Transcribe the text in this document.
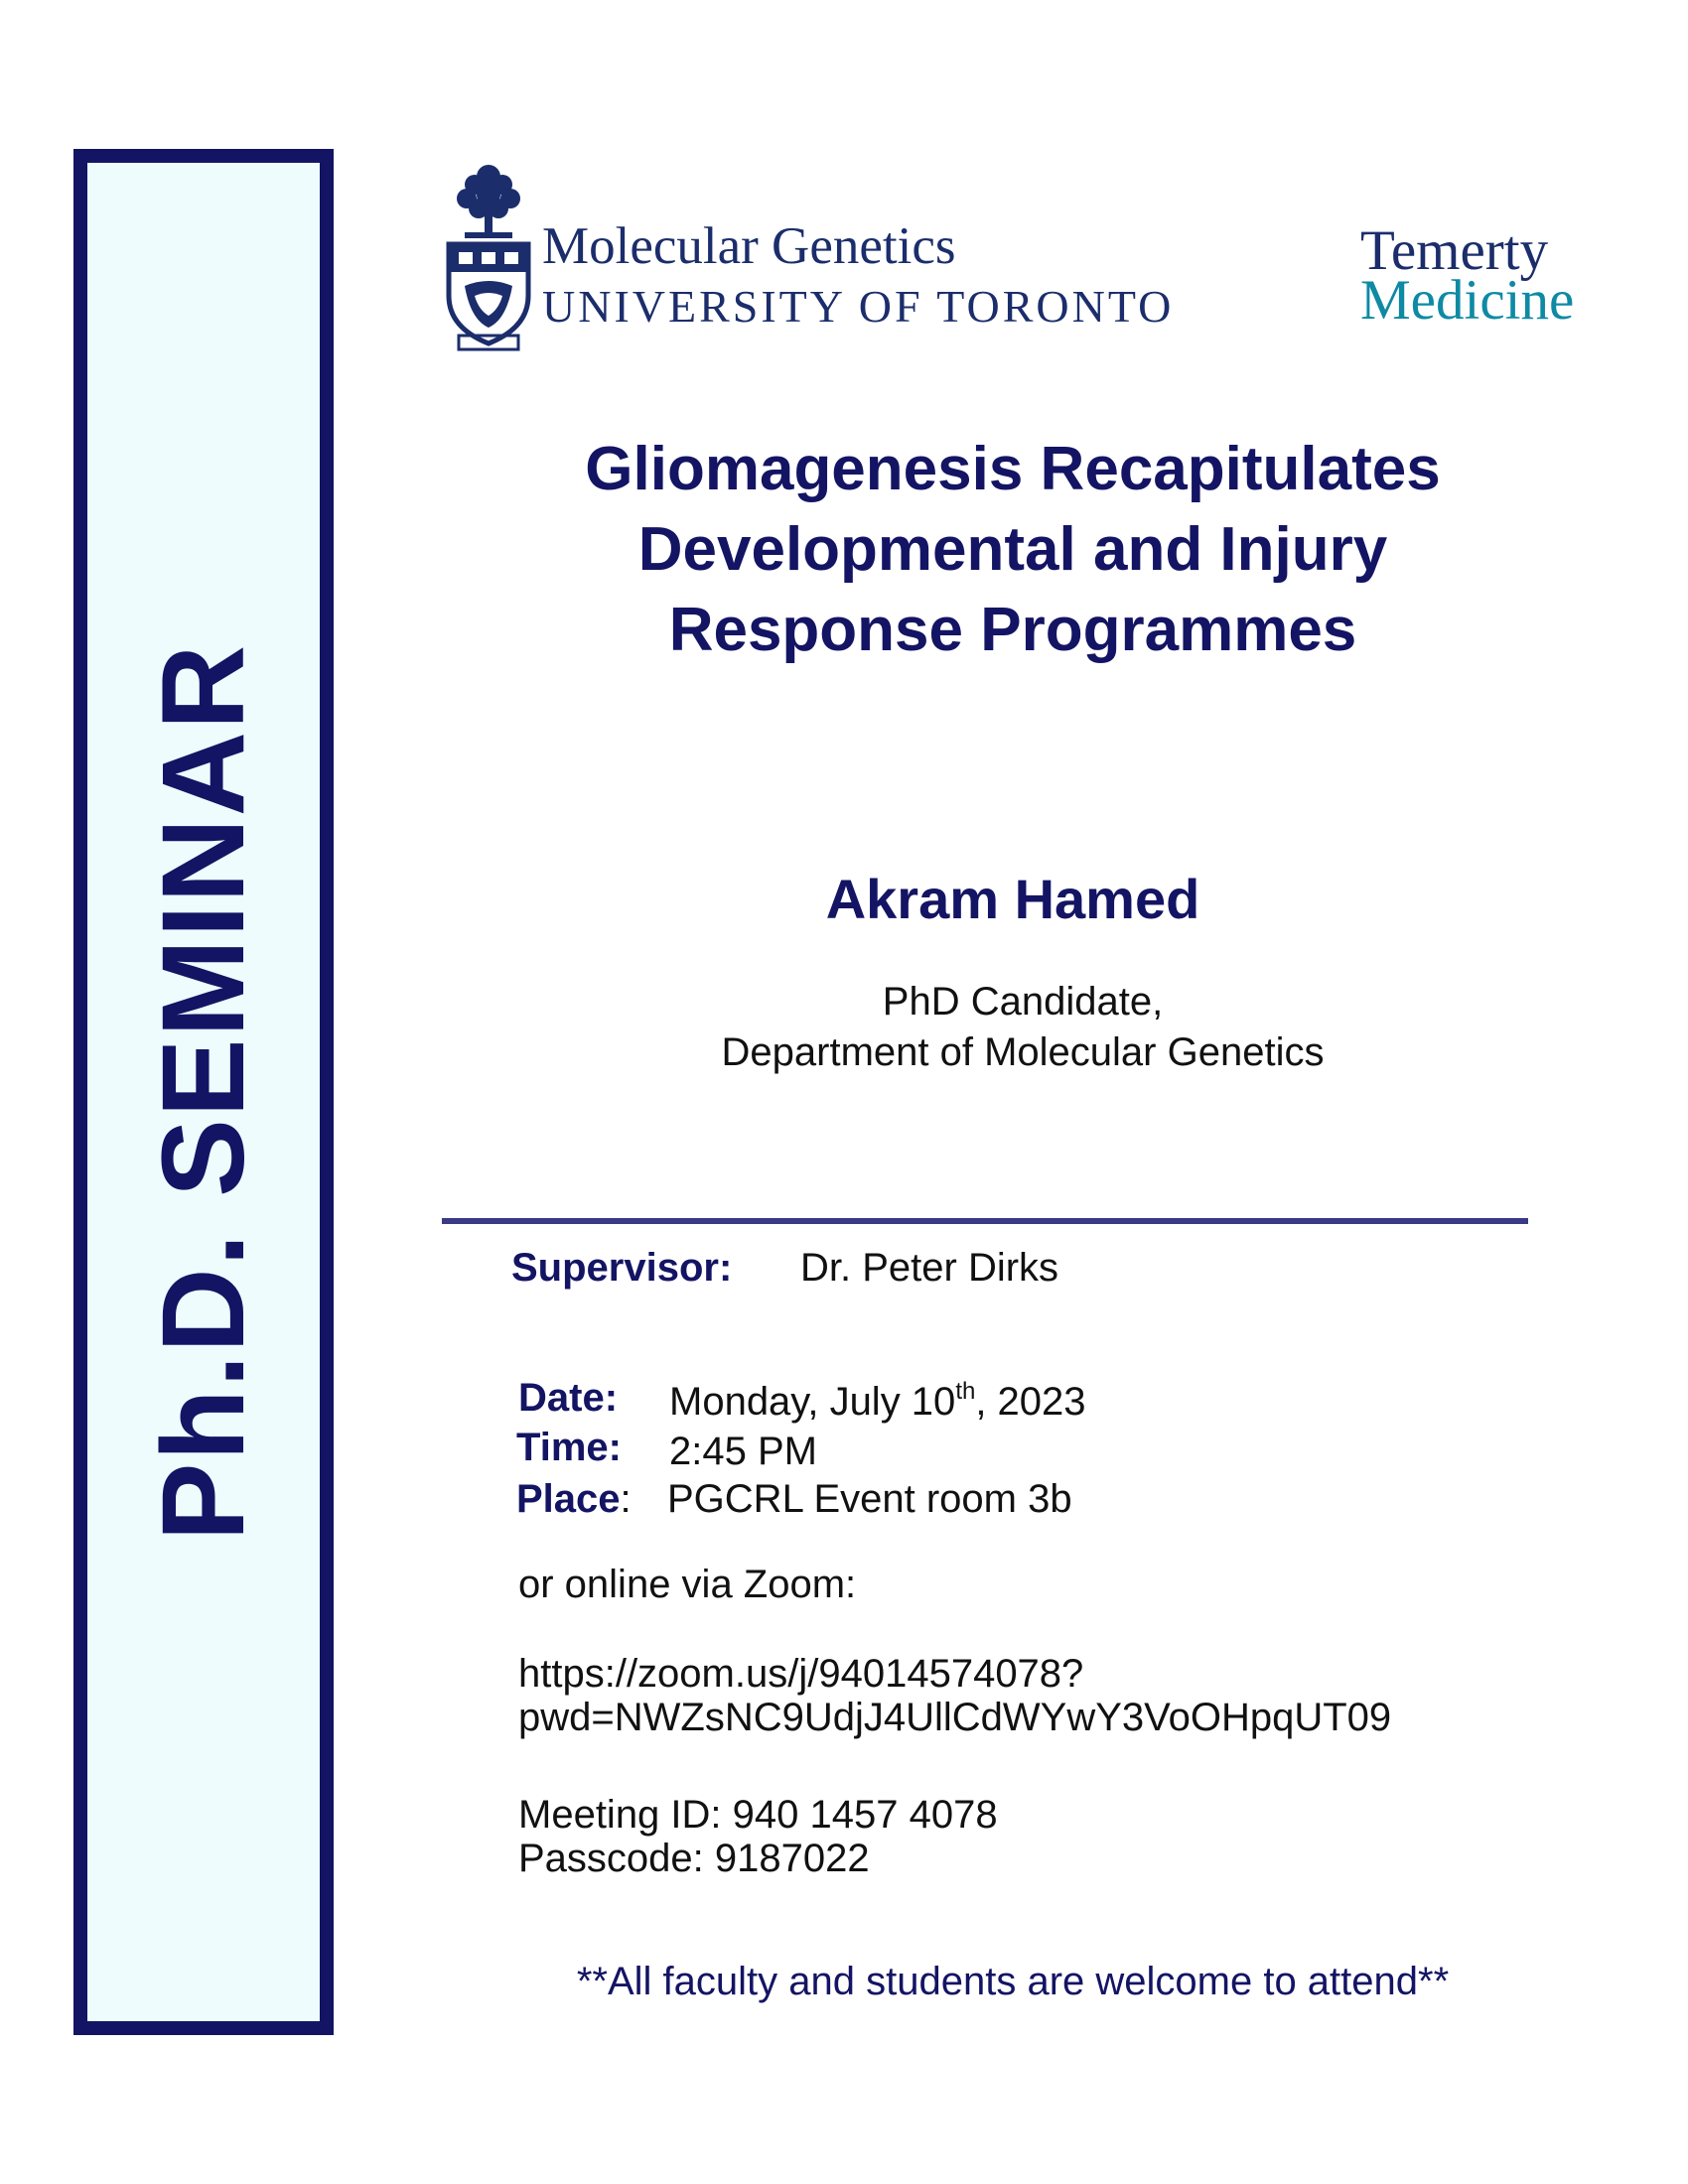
Ph.D. SEMINAR
Molecular Genetics
UNIVERSITY OF TORONTO
Temerty
Medicine
Gliomagenesis Recapitulates
Developmental and Injury
Response Programmes
Akram Hamed
PhD Candidate,
Department of Molecular Genetics
Supervisor: Dr. Peter Dirks
Date: Monday, July 10th, 2023
Time: 2:45 PM
Place: PGCRL Event room 3b
or online via Zoom:
https://zoom.us/j/94014574078?
pwd=NWZsNC9UdjJ4UllCdWYwY3VoOHpqUT09
Meeting ID: 940 1457 4078
Passcode: 9187022
**All faculty and students are welcome to attend**
